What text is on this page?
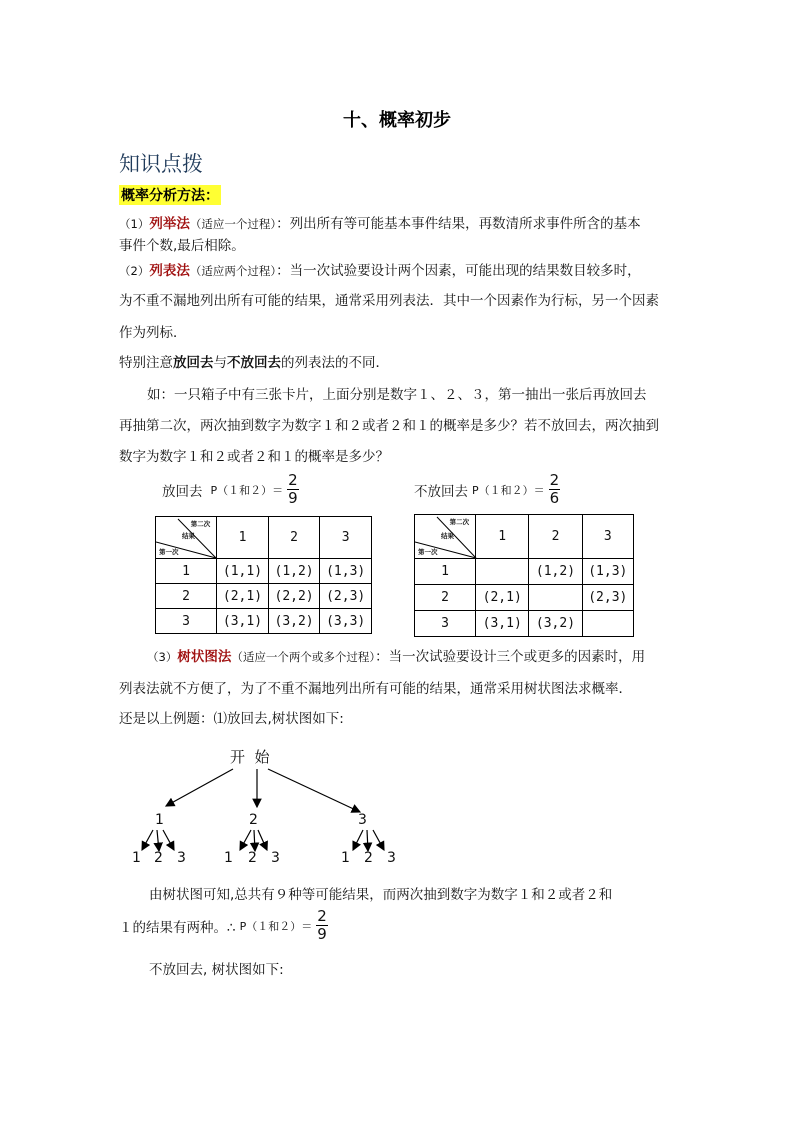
十、概率初步
知识点拨
概率分析方法：
（1）列举法（适应一个过程）：列出所有等可能基本事件结果，再数清所求事件所含的基本
事件个数,最后相除。
（2）列表法（适应两个过程）：当一次试验要设计两个因素，可能出现的结果数目较多时，
为不重不漏地列出所有可能的结果，通常采用列表法．其中一个因素作为行标，另一个因素
作为列标．
特别注意放回去与不放回去的列表法的不同．
如：一只箱子中有三张卡片，上面分别是数字１、２、３，第一抽出一张后再放回去
再抽第二次，两次抽到数字为数字１和２或者２和１的概率是多少？若不放回去，两次抽到
数字为数字１和２或者２和１的概率是多少？
放回去 P（１和$2)= \frac{2}{9}$	不放回去 P（１和$2)= \frac{2}{6}$
第二次
结果
第一次	1	2	3
1	(1,1)	(1,2)	(1,3)
2	(2,1)	(2,2)	(2,3)
3	(3,1)	(3,2)	(3,3)
第二次
结果
第一次	1	2	3
1		(1,2)	(1,3)
2	(2,1)		(2,3)
3	(3,1)	(3,2)	
（3）树状图法（适应一个两个或多个过程）：当一次试验要设计三个或更多的因素时，用
列表法就不方便了，为了不重不漏地列出所有可能的结果，通常采用树状图法求概率．
还是以上例题：⑴放回去,树状图如下:
开  始
1	2	3
1 2 3	1 2 3	1 2 3
由树状图可知,总共有９种等可能结果，而两次抽到数字为数字１和２或者２和
１的结果有两种。∴ P（１和$2)= \frac{2}{9}$
不放回去, 树状图如下:
